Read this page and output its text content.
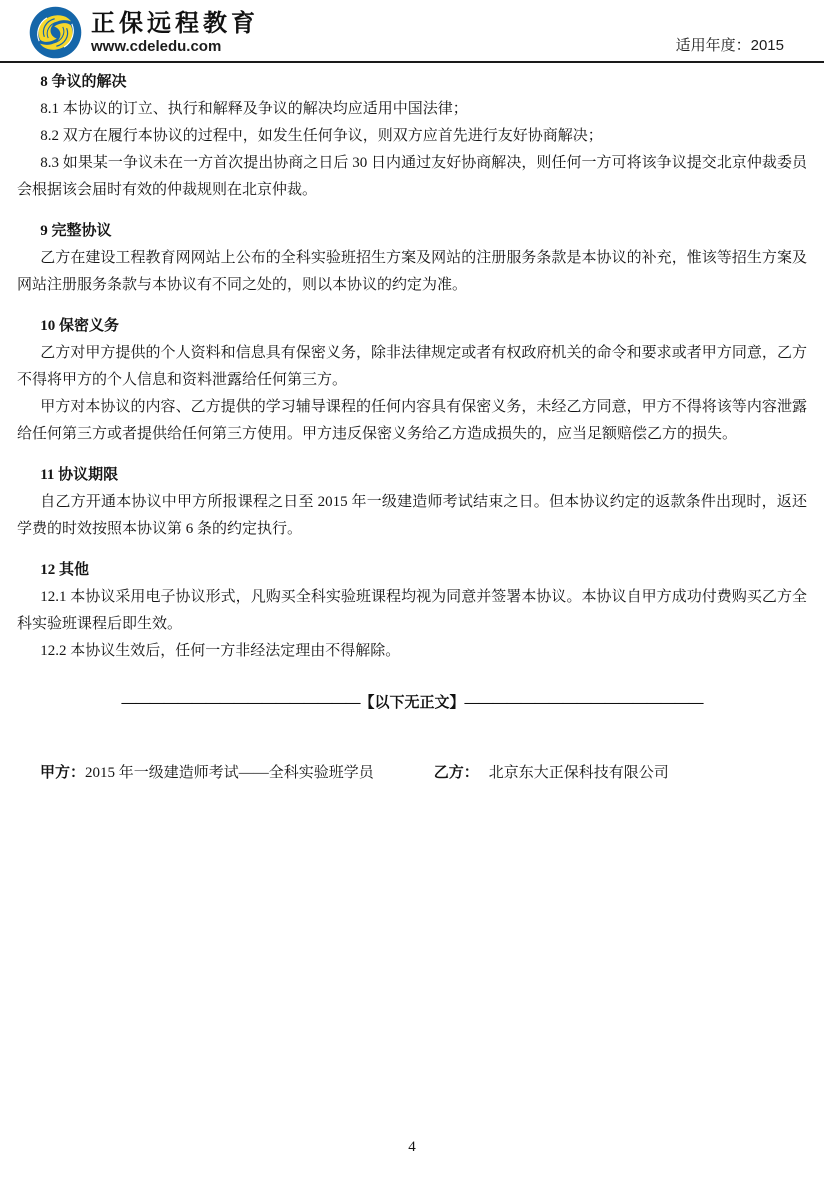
正保远程教育
www.cdeledu.com	适用年度：2015
8 争议的解决

8.1 本协议的订立、执行和解释及争议的解决均应适用中国法律；

8.2 双方在履行本协议的过程中，如发生任何争议，则双方应首先进行友好协商解决；

8.3 如果某一争议未在一方首次提出协商之日后 30 日内通过友好协商解决，则任何一方可将该争议提交北京仲裁委员会根据该会届时有效的仲裁规则在北京仲裁。

9 完整协议

乙方在建设工程教育网网站上公布的全科实验班招生方案及网站的注册服务条款是本协议的补充，惟该等招生方案及网站注册服务条款与本协议有不同之处的，则以本协议的约定为准。

10 保密义务

乙方对甲方提供的个人资料和信息具有保密义务，除非法律规定或者有权政府机关的命令和要求或者甲方同意，乙方不得将甲方的个人信息和资料泄露给任何第三方。

甲方对本协议的内容、乙方提供的学习辅导课程的任何内容具有保密义务，未经乙方同意，甲方不得将该等内容泄露给任何第三方或者提供给任何第三方使用。甲方违反保密义务给乙方造成损失的，应当足额赔偿乙方的损失。

11 协议期限

自乙方开通本协议中甲方所报课程之日至 2015 年一级建造师考试结束之日。但本协议约定的返款条件出现时，返还学费的时效按照本协议第 6 条的约定执行。

12 其他

12.1 本协议采用电子协议形式，凡购买全科实验班课程均视为同意并签署本协议。本协议自甲方成功付费购买乙方全科实验班课程后即生效。

12.2 本协议生效后，任何一方非经法定理由不得解除。

—————————————————【以下无正文】—————————————————
甲方：2015 年一级建造师考试——全科实验班学员	乙方： 北京东大正保科技有限公司
4
